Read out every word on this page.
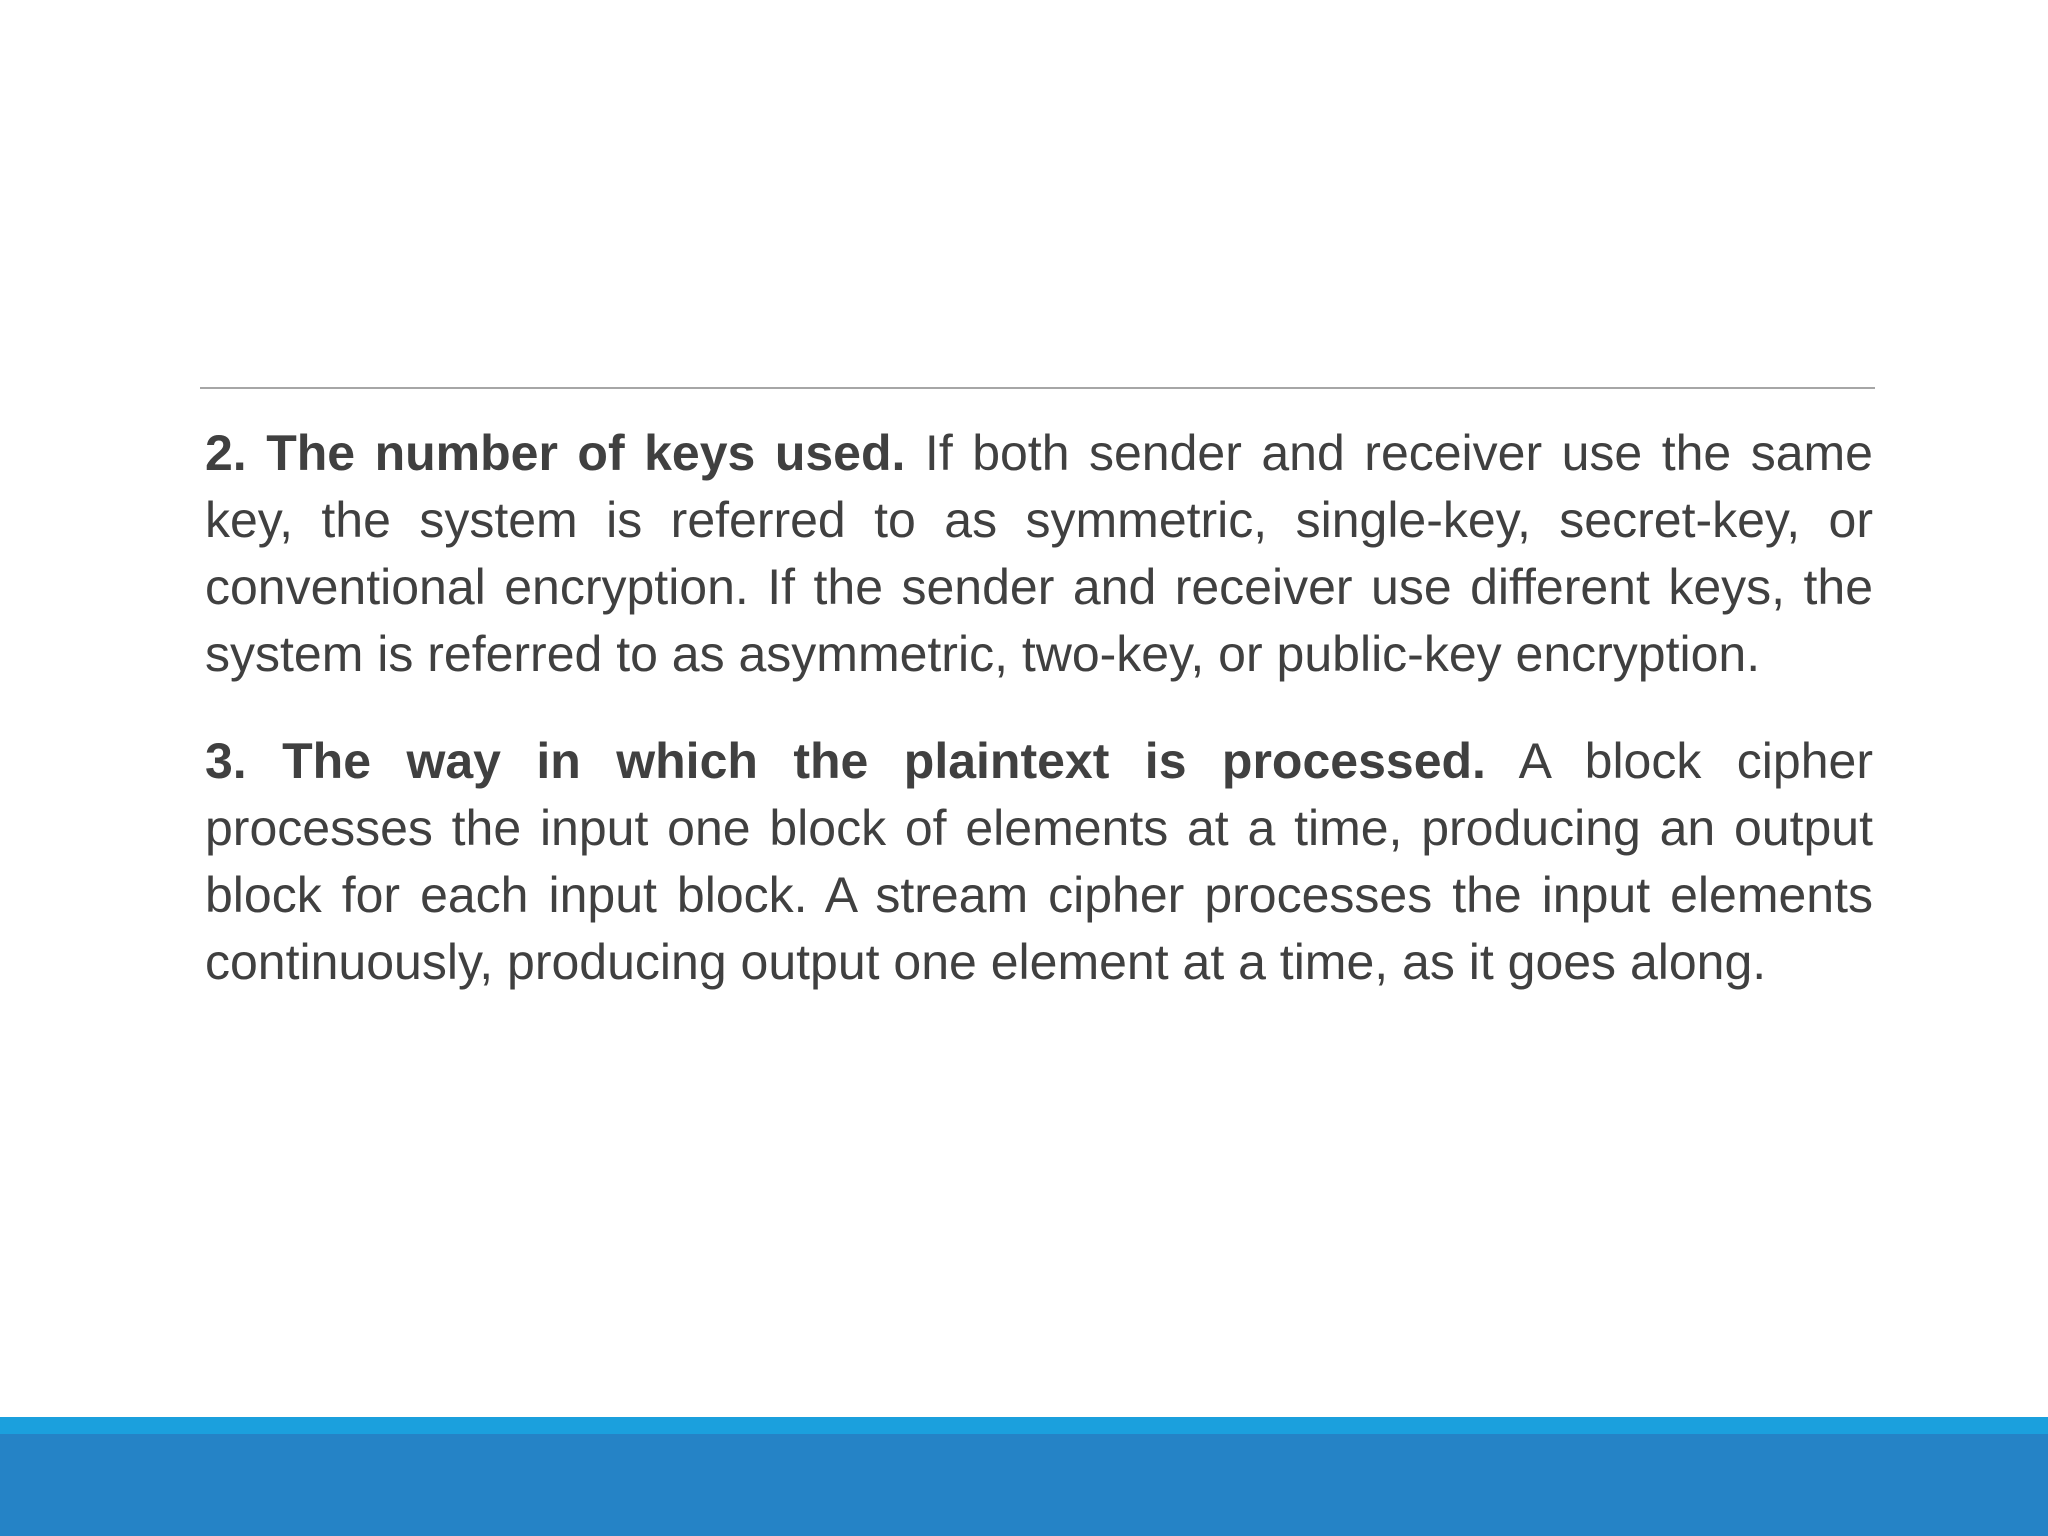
2. The number of keys used. If both sender and receiver use the same key, the system is referred to as symmetric, single-key, secret-key, or conventional encryption. If the sender and receiver use different keys, the system is referred to as asymmetric, two-key, or public-key encryption.

3. The way in which the plaintext is processed. A block cipher processes the input one block of elements at a time, producing an output block for each input block. A stream cipher processes the input elements continuously, producing output one element at a time, as it goes along.
